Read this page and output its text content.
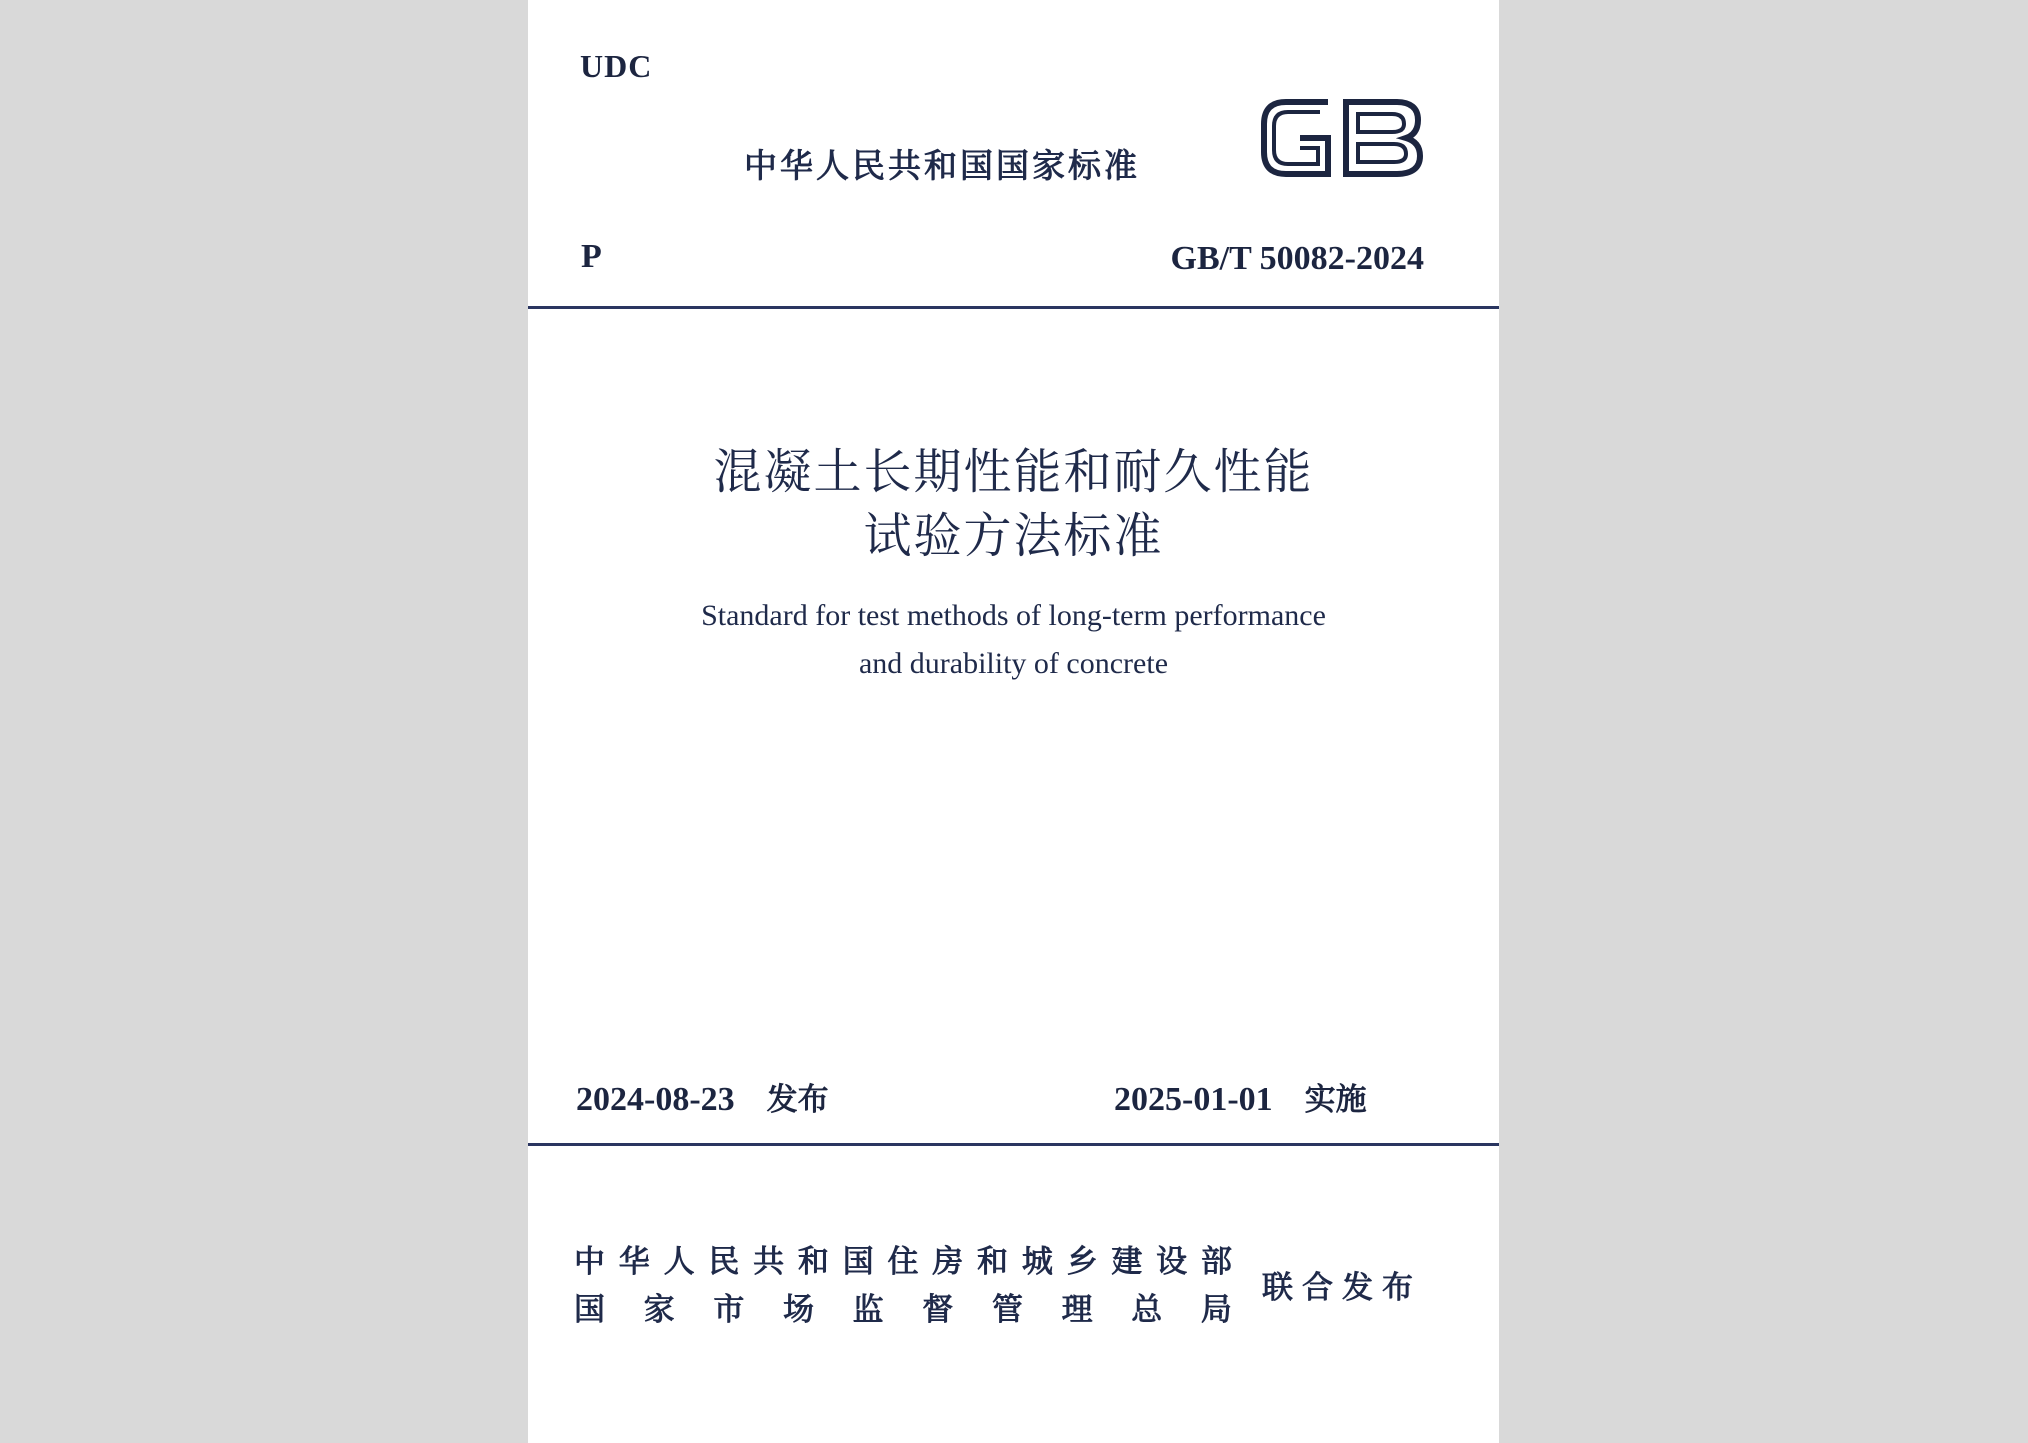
UDC
中华人民共和国国家标准
P	GB/T 50082-2024
混凝土长期性能和耐久性能
试验方法标准
Standard for test methods of long-term performance
and durability of concrete
2024-08-23 发布	2025-01-01 实施
中 华 人 民 共 和 国 住 房 和 城 乡 建 设 部
国 家 市 场 监 督 管 理 总 局
联合发布
